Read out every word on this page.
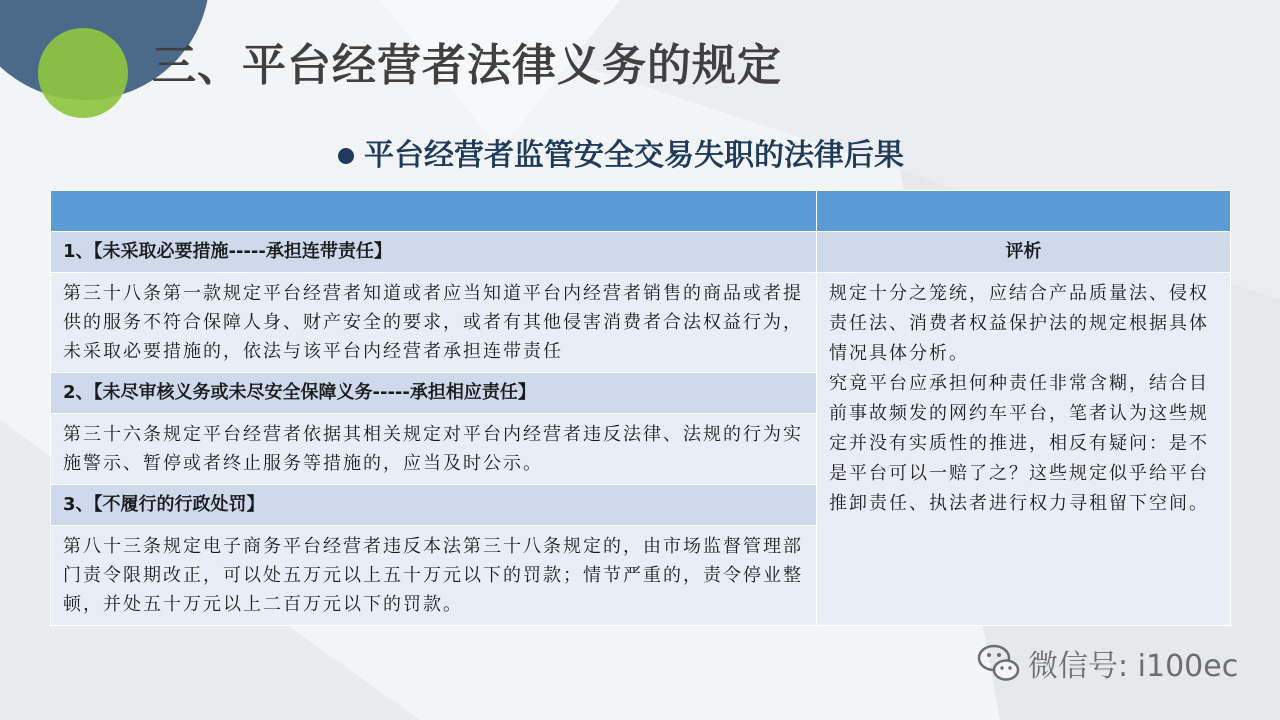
三、平台经营者法律义务的规定
平台经营者监管安全交易失职的法律后果

1、【未采取必要措施-----承担连带责任】	评析
第三十八条第一款规定平台经营者知道或者应当知道平台内经营者销售的商品或者提供的服务不符合保障人身、财产安全的要求，或者有其他侵害消费者合法权益行为，未采取必要措施的，依法与该平台内经营者承担连带责任	规定十分之笼统，应结合产品质量法、侵权责任法、消费者权益保护法的规定根据具体情况具体分析。

究竟平台应承担何种责任非常含糊，结合目前事故频发的网约车平台，笔者认为这些规定并没有实质性的推进，相反有疑问：是不是平台可以一赔了之？这些规定似乎给平台推卸责任、执法者进行权力寻租留下空间。

2、【未尽审核义务或未尽安全保障义务-----承担相应责任】	
第三十六条规定平台经营者依据其相关规定对平台内经营者违反法律、法规的行为实施警示、暂停或者终止服务等措施的，应当及时公示。	
3、【不履行的行政处罚】	
第八十三条规定电子商务平台经营者违反本法第三十八条规定的，由市场监督管理部门责令限期改正，可以处五万元以上五十万元以下的罚款；情节严重的，责令停业整顿，并处五十万元以上二百万元以下的罚款。	
微信号: i100ec
